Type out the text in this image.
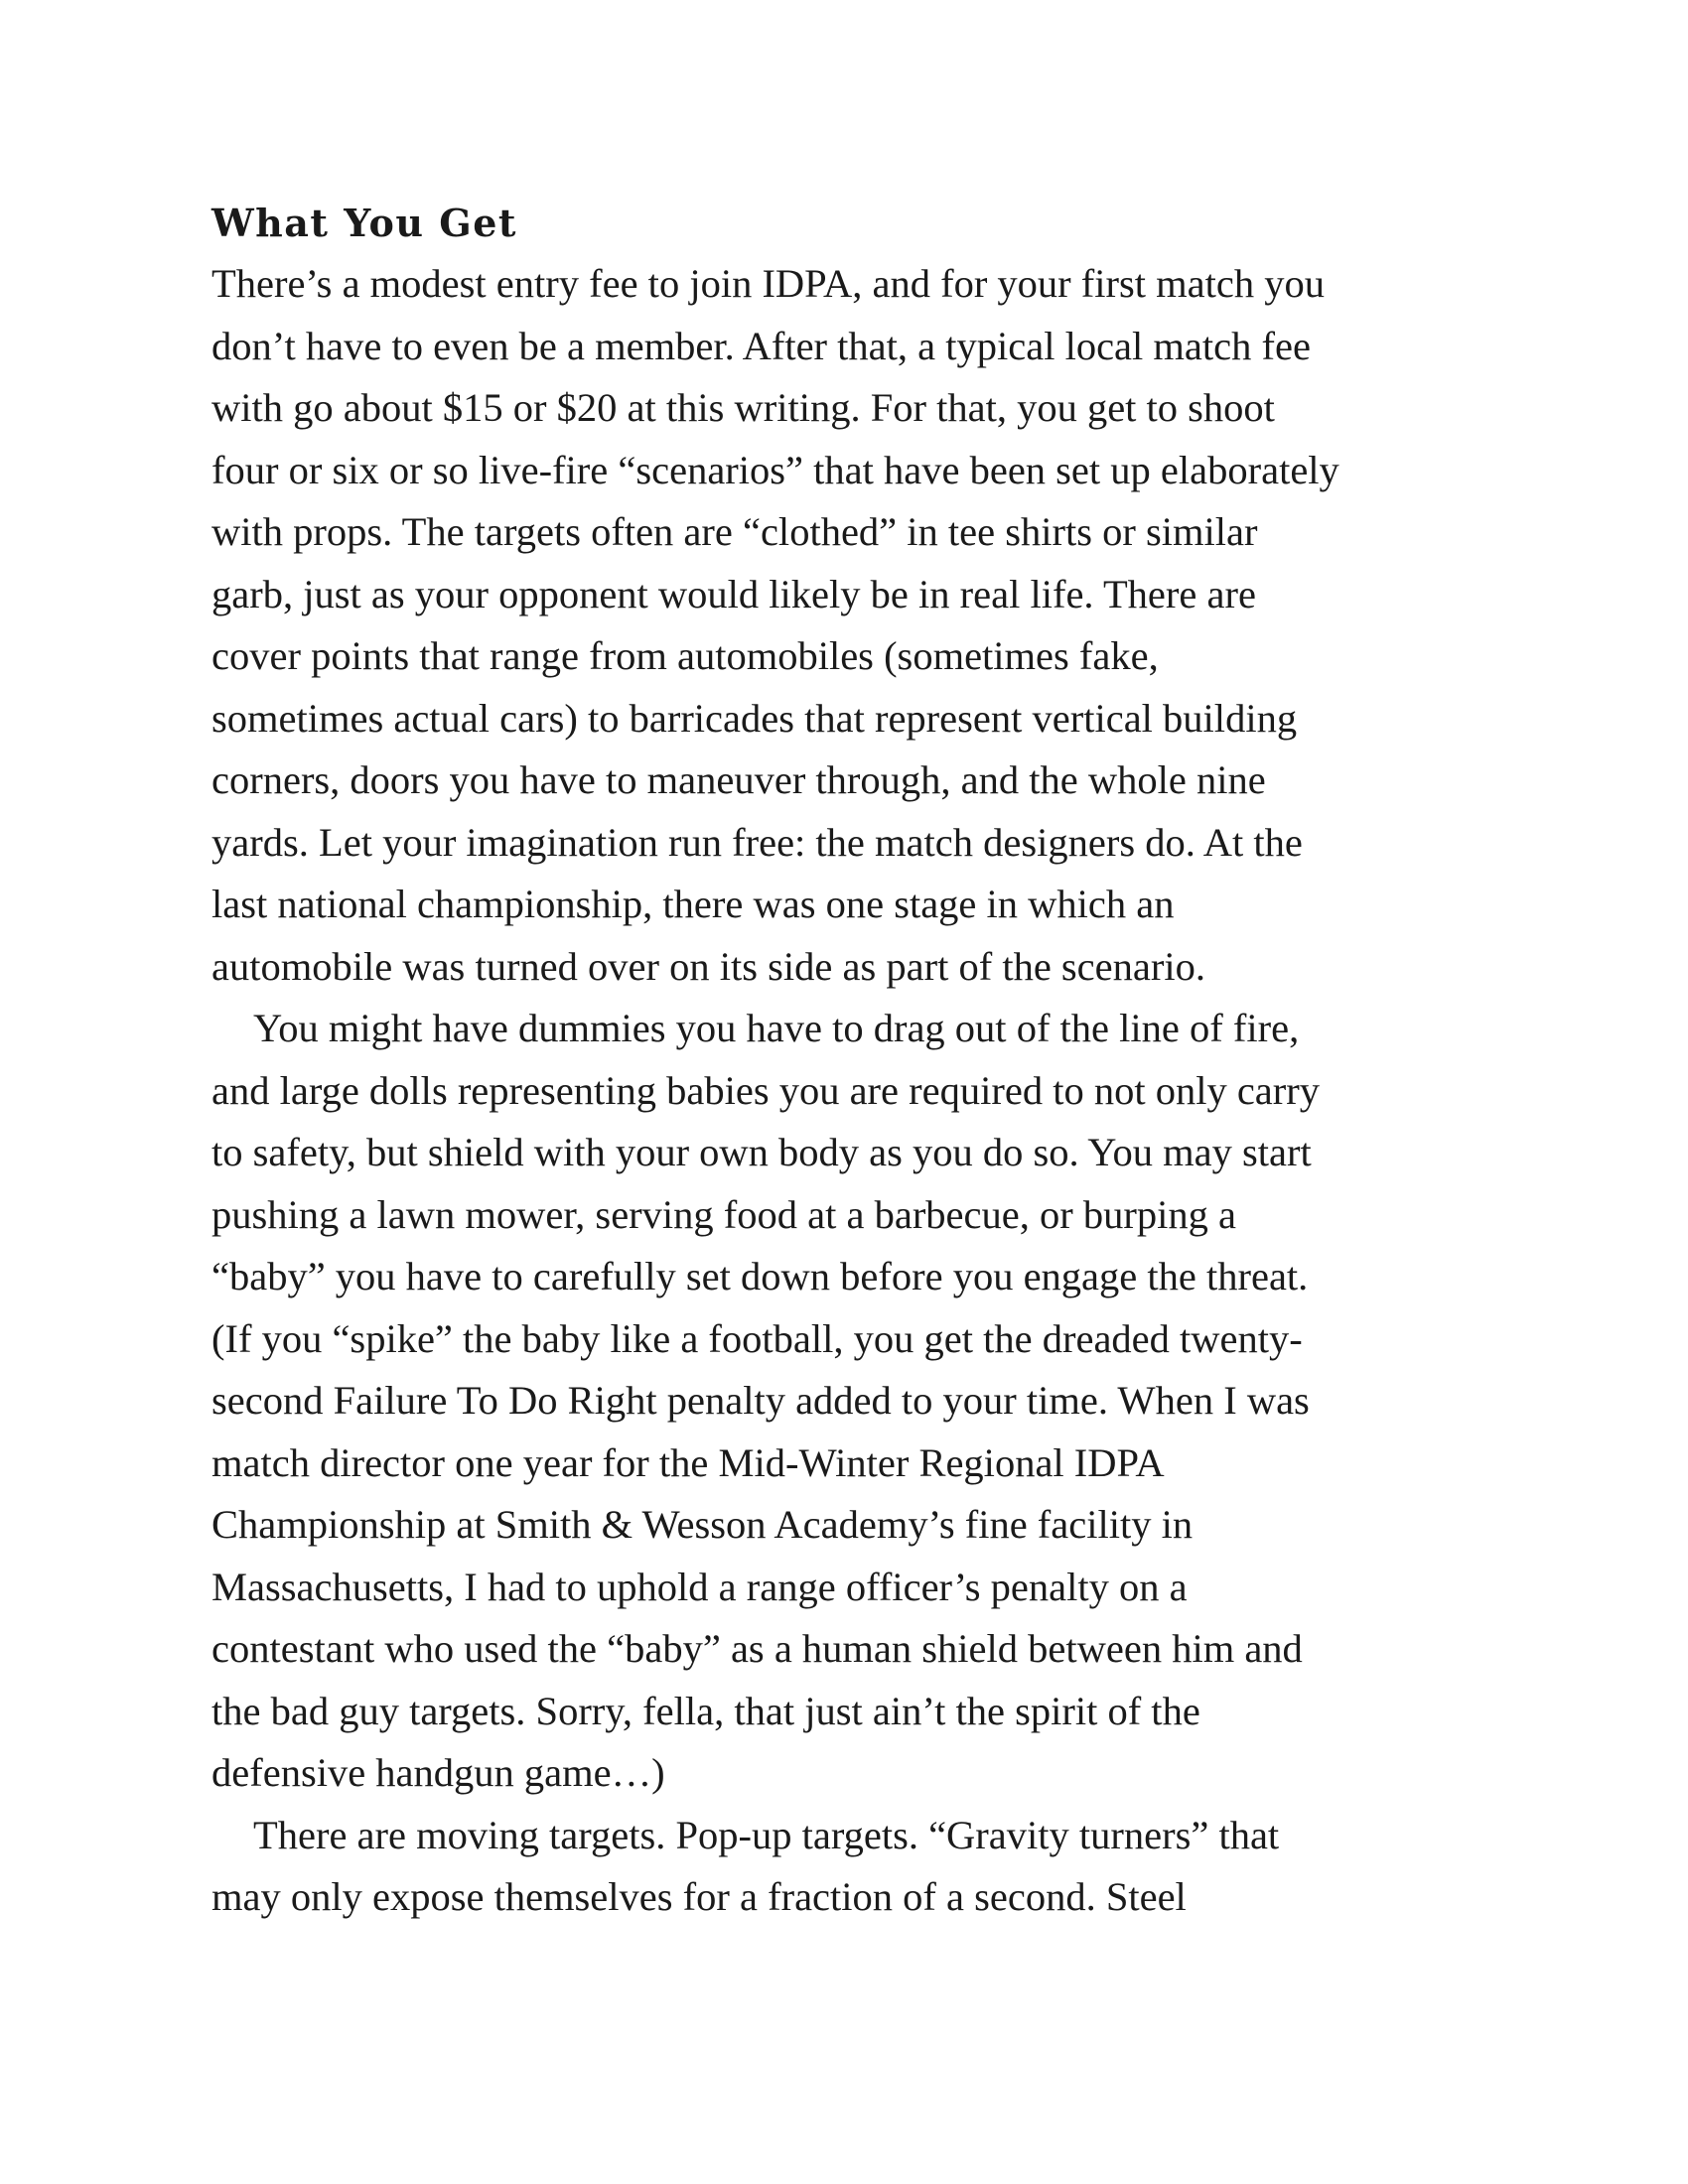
What You Get

There’s a modest entry fee to join IDPA, and for your first match you
don’t have to even be a member. After that, a typical local match fee
with go about $15 or $20 at this writing. For that, you get to shoot
four or six or so live-fire “scenarios” that have been set up elaborately
with props. The targets often are “clothed” in tee shirts or similar
garb, just as your opponent would likely be in real life. There are
cover points that range from automobiles (sometimes fake,
sometimes actual cars) to barricades that represent vertical building
corners, doors you have to maneuver through, and the whole nine
yards. Let your imagination run free: the match designers do. At the
last national championship, there was one stage in which an
automobile was turned over on its side as part of the scenario.

You might have dummies you have to drag out of the line of fire,
and large dolls representing babies you are required to not only carry
to safety, but shield with your own body as you do so. You may start
pushing a lawn mower, serving food at a barbecue, or burping a
“baby” you have to carefully set down before you engage the threat.
(If you “spike” the baby like a football, you get the dreaded twenty-
second Failure To Do Right penalty added to your time. When I was
match director one year for the Mid-Winter Regional IDPA
Championship at Smith & Wesson Academy’s fine facility in
Massachusetts, I had to uphold a range officer’s penalty on a
contestant who used the “baby” as a human shield between him and
the bad guy targets. Sorry, fella, that just ain’t the spirit of the
defensive handgun game…)

There are moving targets. Pop-up targets. “Gravity turners” that
may only expose themselves for a fraction of a second. Steel
